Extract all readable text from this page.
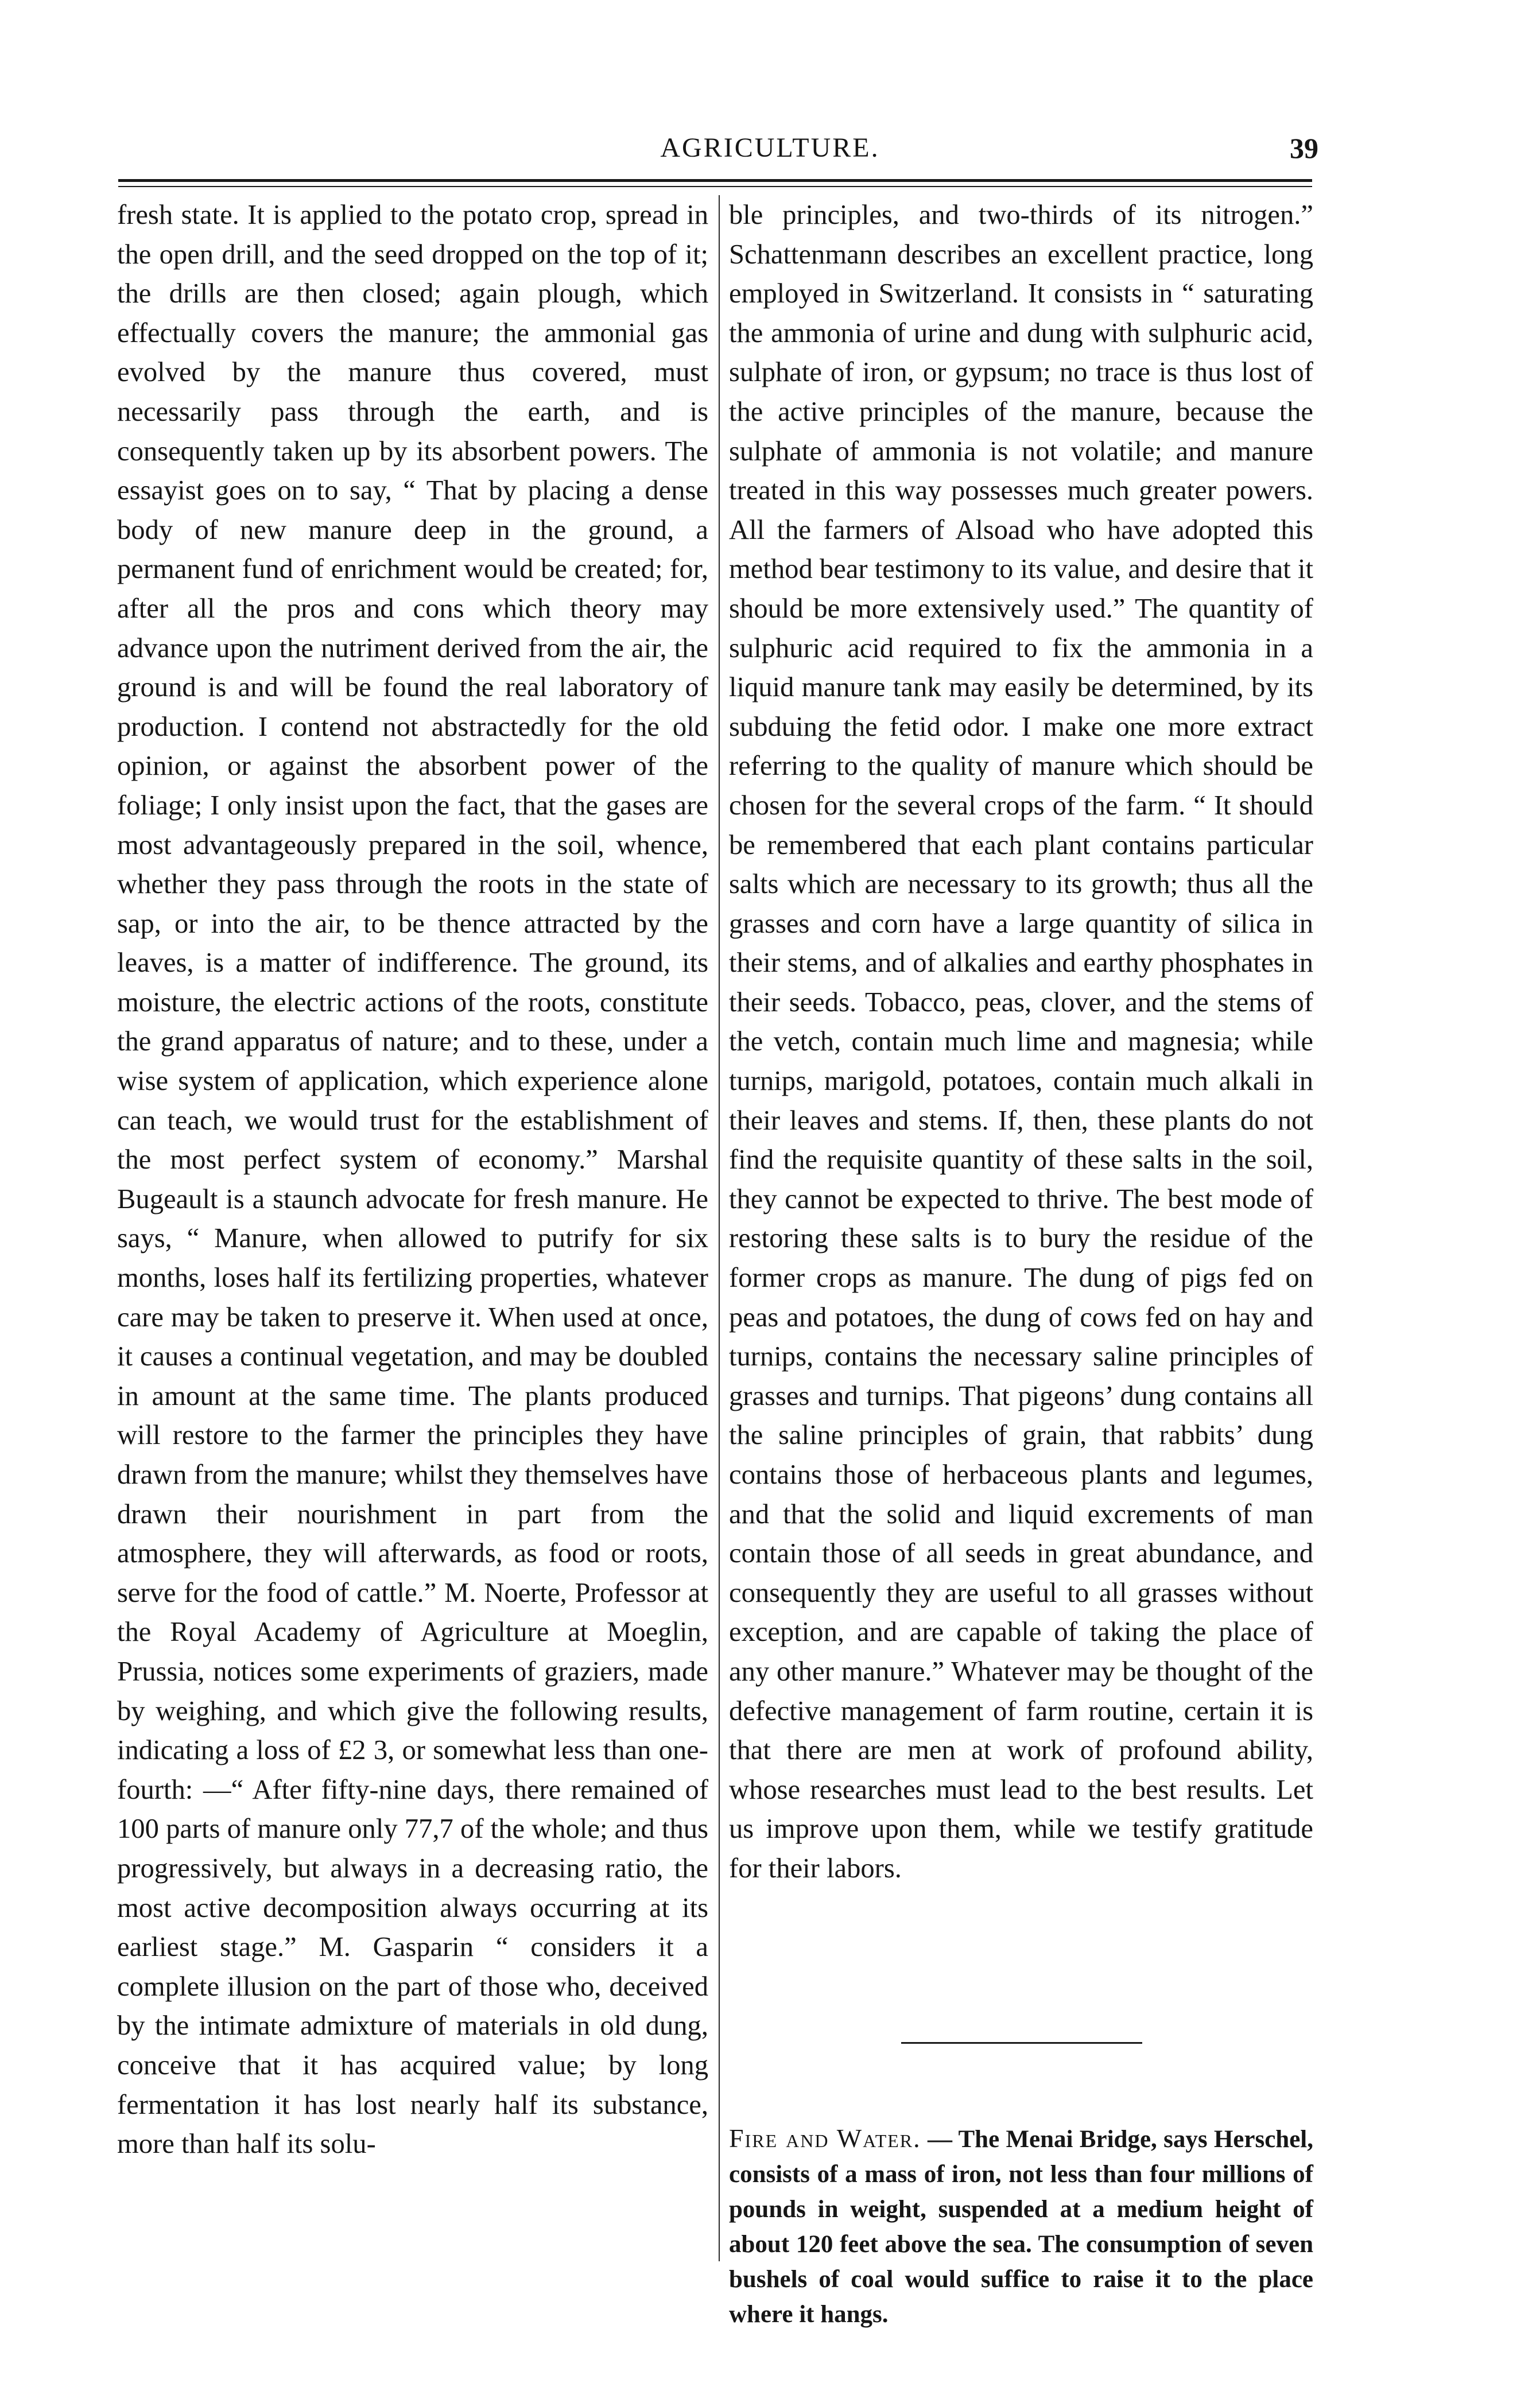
AGRICULTURE.	39

fresh state. It is applied to the potato crop, spread in the open drill, and the seed dropped on the top of it; the drills are then closed; again plough, which effectually covers the manure; the ammonial gas evolved by the manure thus covered, must necessarily pass through the earth, and is consequently taken up by its absorbent powers. The essayist goes on to say, “ That by placing a dense body of new manure deep in the ground, a permanent fund of enrichment would be created; for, after all the pros and cons which theory may advance upon the nutriment derived from the air, the ground is and will be found the real laboratory of production. I contend not abstractedly for the old opinion, or against the absorbent power of the foliage; I only insist upon the fact, that the gases are most advantageously prepared in the soil, whence, whether they pass through the roots in the state of sap, or into the air, to be thence attracted by the leaves, is a matter of indifference. The ground, its moisture, the electric actions of the roots, constitute the grand apparatus of nature; and to these, under a wise system of application, which experience alone can teach, we would trust for the establishment of the most perfect system of economy.” Marshal Bugeault is a staunch advocate for fresh manure. He says, “ Manure, when allowed to putrify for six months, loses half its fertilizing properties, whatever care may be taken to preserve it. When used at once, it causes a continual vegetation, and may be doubled in amount at the same time. The plants produced will restore to the farmer the principles they have drawn from the manure; whilst they themselves have drawn their nourishment in part from the atmosphere, they will afterwards, as food or roots, serve for the food of cattle.” M. Noerte, Professor at the Royal Academy of Agriculture at Moeglin, Prussia, notices some experiments of graziers, made by weighing, and which give the following results, indicating a loss of £2 3, or somewhat less than one-fourth: —“ After fifty-nine days, there remained of 100 parts of manure only 77,7 of the whole; and thus progressively, but always in a decreasing ratio, the most active decomposition always occurring at its earliest stage.” M. Gasparin “ considers it a complete illusion on the part of those who, deceived by the intimate admixture of materials in old dung, conceive that it has acquired value; by long fermentation it has lost nearly half its substance, more than half its solu-

ble principles, and two-thirds of its nitrogen.” Schattenmann describes an excellent practice, long employed in Switzerland. It consists in “ saturating the ammonia of urine and dung with sulphuric acid, sulphate of iron, or gypsum; no trace is thus lost of the active principles of the manure, because the sulphate of ammonia is not volatile; and manure treated in this way possesses much greater powers. All the farmers of Alsoad who have adopted this method bear testimony to its value, and desire that it should be more extensively used.” The quantity of sulphuric acid required to fix the ammonia in a liquid manure tank may easily be determined, by its subduing the fetid odor. I make one more extract referring to the quality of manure which should be chosen for the several crops of the farm. “ It should be remembered that each plant contains particular salts which are necessary to its growth; thus all the grasses and corn have a large quantity of silica in their stems, and of alkalies and earthy phosphates in their seeds. Tobacco, peas, clover, and the stems of the vetch, contain much lime and magnesia; while turnips, marigold, potatoes, contain much alkali in their leaves and stems. If, then, these plants do not find the requisite quantity of these salts in the soil, they cannot be expected to thrive. The best mode of restoring these salts is to bury the residue of the former crops as manure. The dung of pigs fed on peas and potatoes, the dung of cows fed on hay and turnips, contains the necessary saline principles of grasses and turnips. That pigeons’ dung contains all the saline principles of grain, that rabbits’ dung contains those of herbaceous plants and legumes, and that the solid and liquid excrements of man contain those of all seeds in great abundance, and consequently they are useful to all grasses without exception, and are capable of taking the place of any other manure.” Whatever may be thought of the defective management of farm routine, certain it is that there are men at work of profound ability, whose researches must lead to the best results. Let us improve upon them, while we testify gratitude for their labors.

Fire and Water. — The Menai Bridge, says Herschel, consists of a mass of iron, not less than four millions of pounds in weight, suspended at a medium height of about 120 feet above the sea. The consumption of seven bushels of coal would suffice to raise it to the place where it hangs.
